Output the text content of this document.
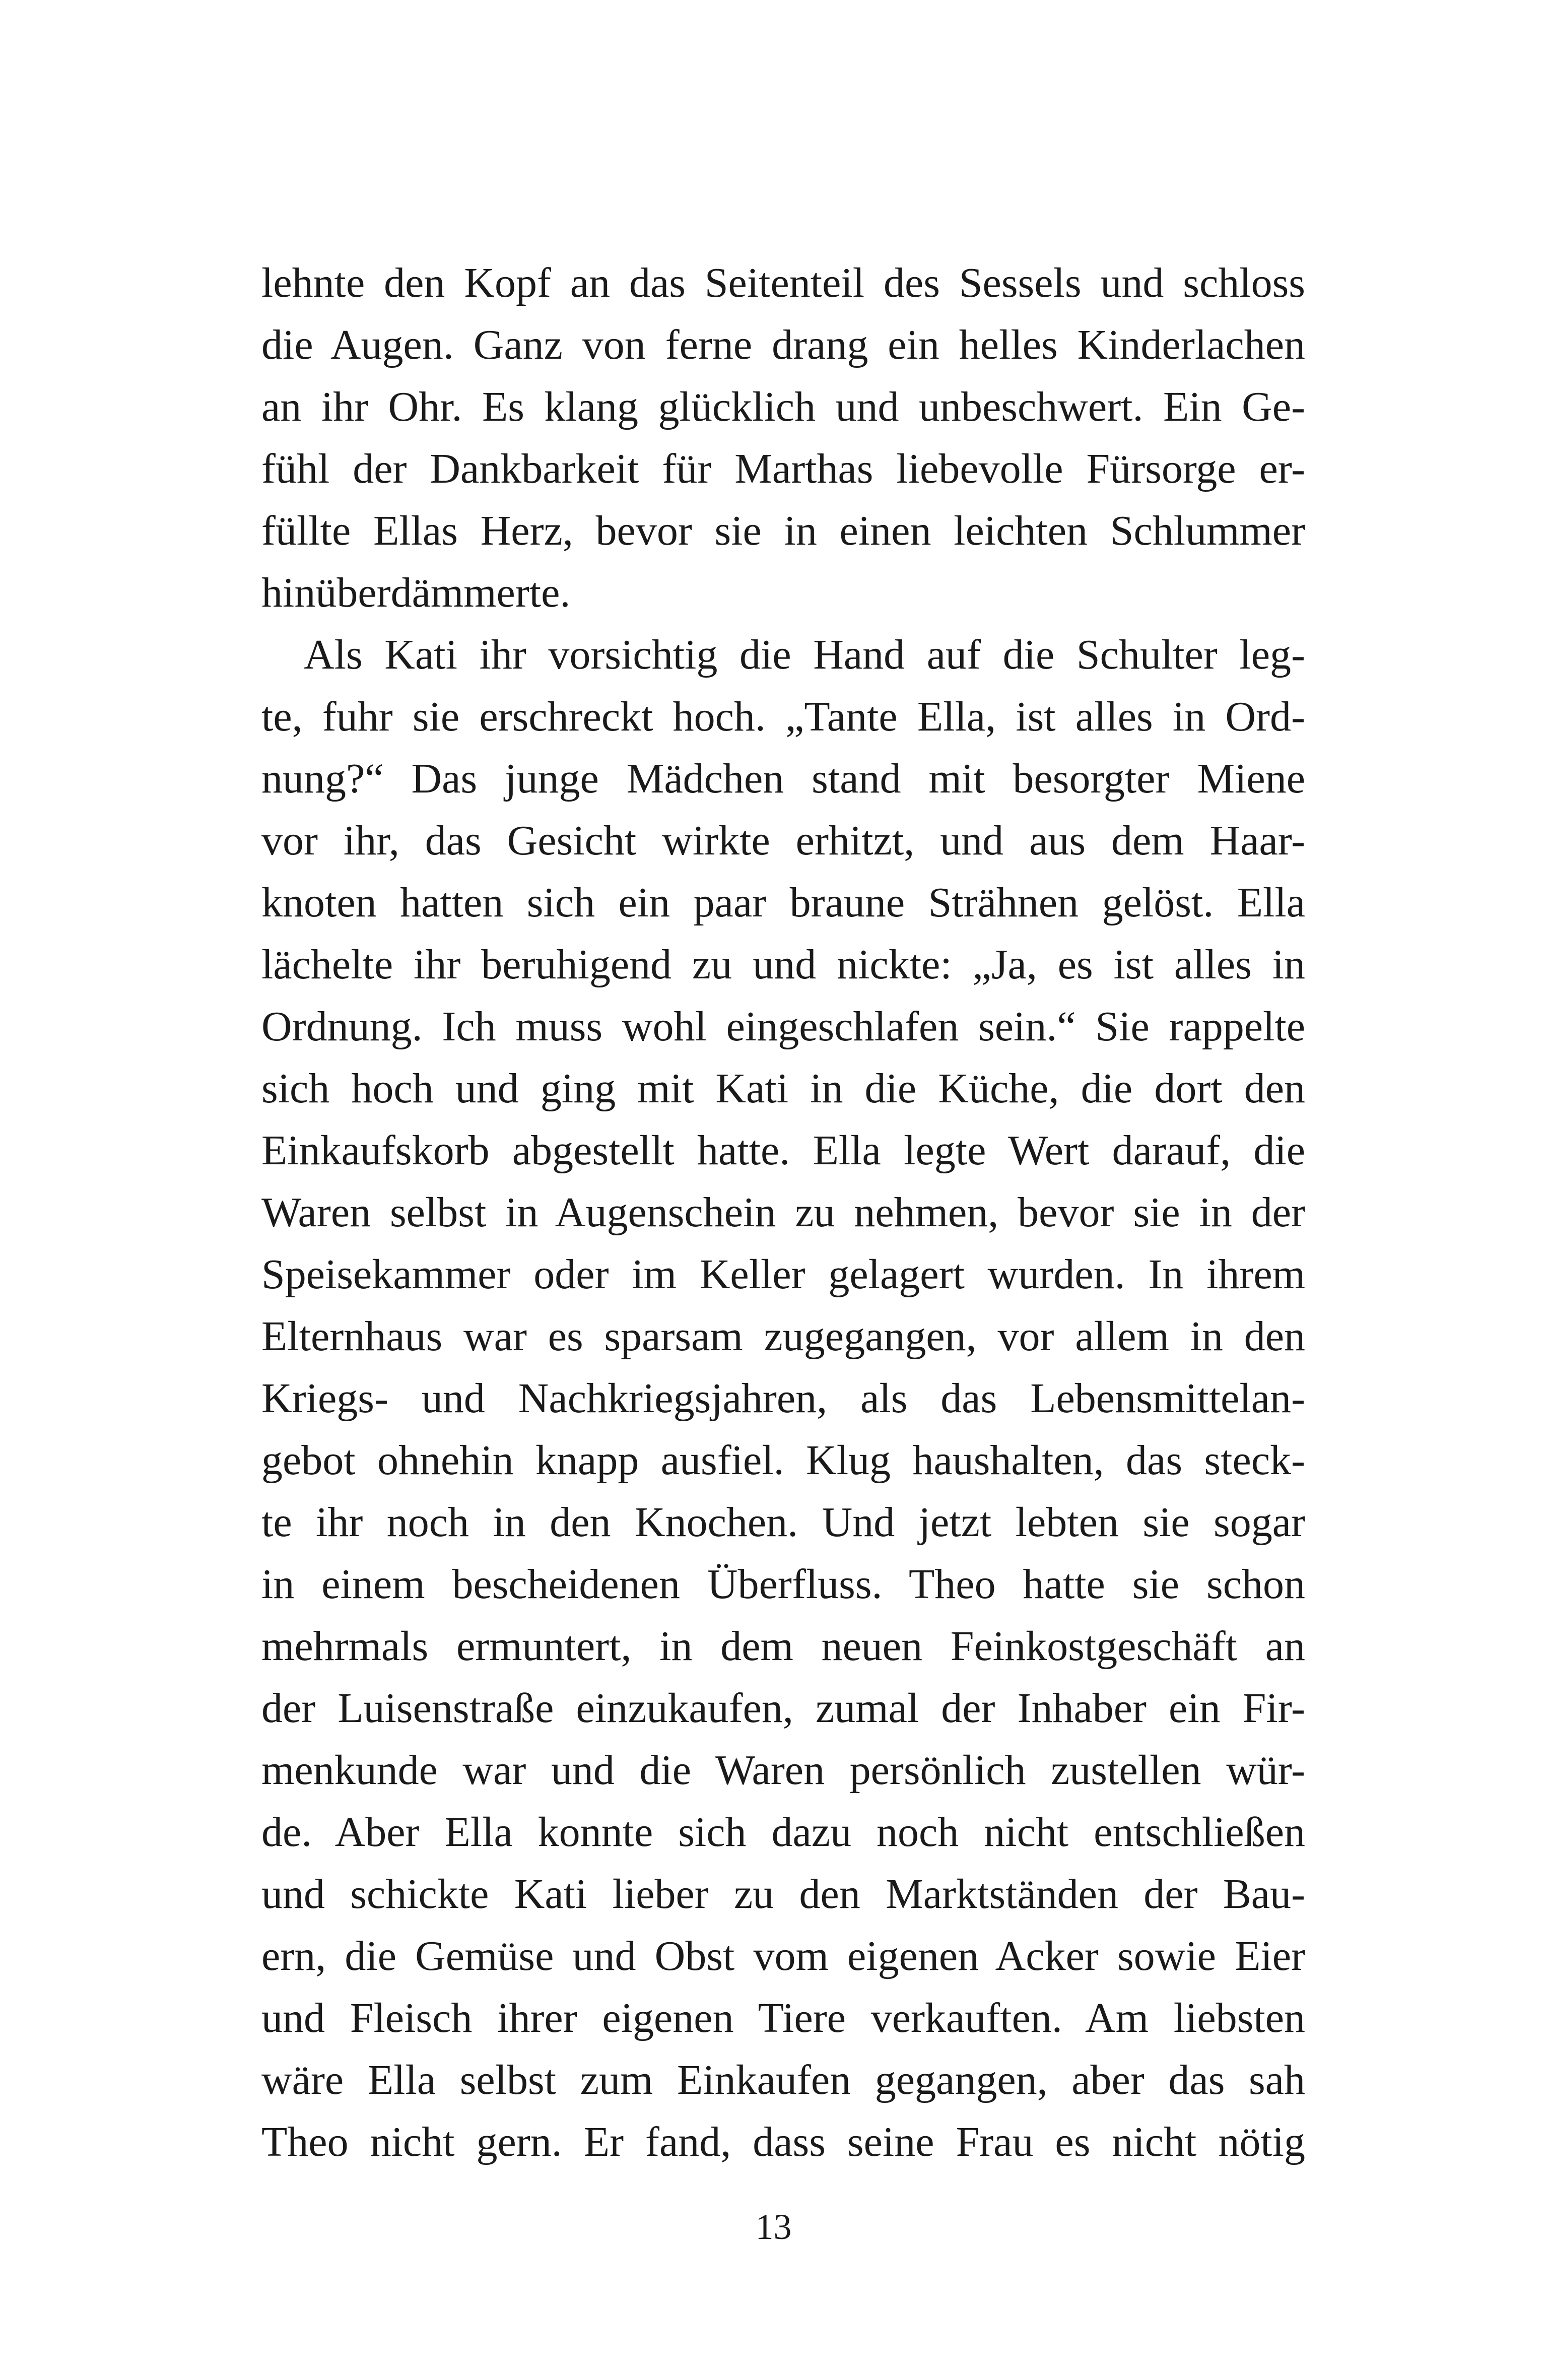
lehnte den Kopf an das Seitenteil des Sessels und schloss
die Augen. Ganz von ferne drang ein helles Kinderlachen
an ihr Ohr. Es klang glücklich und unbeschwert. Ein Ge-
fühl der Dankbarkeit für Marthas liebevolle Fürsorge er-
füllte Ellas Herz, bevor sie in einen leichten Schlummer
hinüberdämmerte.
Als Kati ihr vorsichtig die Hand auf die Schulter leg-
te, fuhr sie erschreckt hoch. „Tante Ella, ist alles in Ord-
nung?“ Das junge Mädchen stand mit besorgter Miene
vor ihr, das Gesicht wirkte erhitzt, und aus dem Haar-
knoten hatten sich ein paar braune Strähnen gelöst. Ella
lächelte ihr beruhigend zu und nickte: „Ja, es ist alles in
Ordnung. Ich muss wohl eingeschlafen sein.“ Sie rappelte
sich hoch und ging mit Kati in die Küche, die dort den
Einkaufskorb abgestellt hatte. Ella legte Wert darauf, die
Waren selbst in Augenschein zu nehmen, bevor sie in der
Speisekammer oder im Keller gelagert wurden. In ihrem
Elternhaus war es sparsam zugegangen, vor allem in den
Kriegs- und Nachkriegsjahren, als das Lebensmittelan-
gebot ohnehin knapp ausfiel. Klug haushalten, das steck-
te ihr noch in den Knochen. Und jetzt lebten sie sogar
in einem bescheidenen Überfluss. Theo hatte sie schon
mehrmals ermuntert, in dem neuen Feinkostgeschäft an
der Luisenstraße einzukaufen, zumal der Inhaber ein Fir-
menkunde war und die Waren persönlich zustellen wür-
de. Aber Ella konnte sich dazu noch nicht entschließen
und schickte Kati lieber zu den Marktständen der Bau-
ern, die Gemüse und Obst vom eigenen Acker sowie Eier
und Fleisch ihrer eigenen Tiere verkauften. Am liebsten
wäre Ella selbst zum Einkaufen gegangen, aber das sah
Theo nicht gern. Er fand, dass seine Frau es nicht nötig
13
